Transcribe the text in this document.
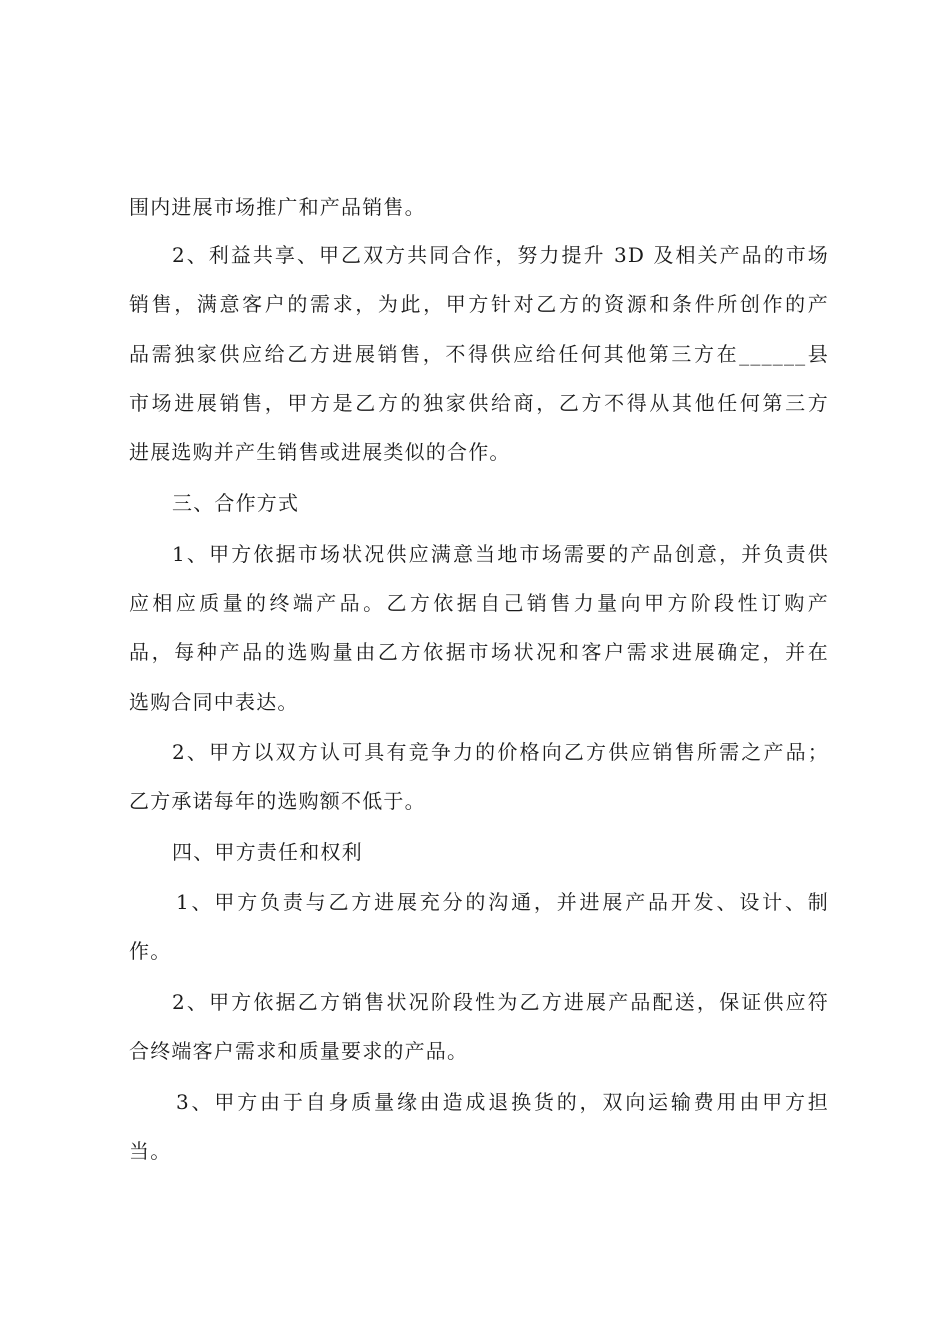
围内进展市场推广和产品销售。
2、利益共享、甲乙双方共同合作，努力提升 3D 及相关产品的市场
销售，满意客户的需求，为此，甲方针对乙方的资源和条件所创作的产
品需独家供应给乙方进展销售，不得供应给任何其他第三方在______县
市场进展销售，甲方是乙方的独家供给商，乙方不得从其他任何第三方
进展选购并产生销售或进展类似的合作。
三、合作方式
1、甲方依据市场状况供应满意当地市场需要的产品创意，并负责供
应相应质量的终端产品。乙方依据自己销售力量向甲方阶段性订购产
品，每种产品的选购量由乙方依据市场状况和客户需求进展确定，并在
选购合同中表达。
2、甲方以双方认可具有竞争力的价格向乙方供应销售所需之产品；
乙方承诺每年的选购额不低于。
四、甲方责任和权利
1、甲方负责与乙方进展充分的沟通，并进展产品开发、设计、制
作。
2、甲方依据乙方销售状况阶段性为乙方进展产品配送，保证供应符
合终端客户需求和质量要求的产品。
3、甲方由于自身质量缘由造成退换货的，双向运输费用由甲方担
当。
